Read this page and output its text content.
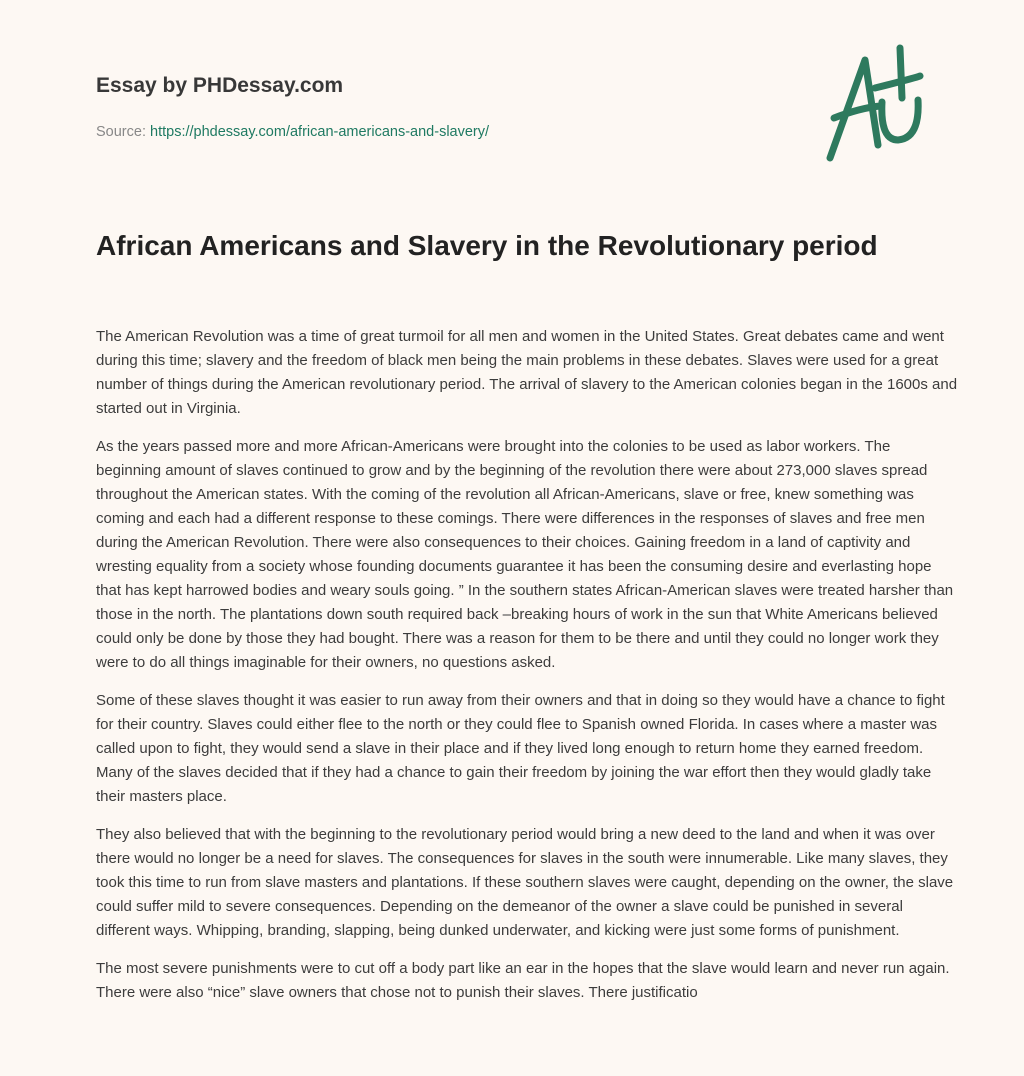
Essay by PHDessay.com

Source: https://phdessay.com/african-americans-and-slavery/
African Americans and Slavery in the Revolutionary period

The American Revolution was a time of great turmoil for all men and women in the United States. Great debates came and went during this time; slavery and the freedom of black men being the main problems in these debates. Slaves were used for a great number of things during the American revolutionary period. The arrival of slavery to the American colonies began in the 1600s and started out in Virginia.

As the years passed more and more African-Americans were brought into the colonies to be used as labor workers. The beginning amount of slaves continued to grow and by the beginning of the revolution there were about 273,000 slaves spread throughout the American states. With the coming of the revolution all African-Americans, slave or free, knew something was coming and each had a different response to these comings. There were differences in the responses of slaves and free men during the American Revolution. There were also consequences to their choices. Gaining freedom in a land of captivity and wresting equality from a society whose founding documents guarantee it has been the consuming desire and everlasting hope that has kept harrowed bodies and weary souls going. ” In the southern states African-American slaves were treated harsher than those in the north. The plantations down south required back –breaking hours of work in the sun that White Americans believed could only be done by those they had bought. There was a reason for them to be there and until they could no longer work they were to do all things imaginable for their owners, no questions asked.

Some of these slaves thought it was easier to run away from their owners and that in doing so they would have a chance to fight for their country. Slaves could either flee to the north or they could flee to Spanish owned Florida. In cases where a master was called upon to fight, they would send a slave in their place and if they lived long enough to return home they earned freedom. Many of the slaves decided that if they had a chance to gain their freedom by joining the war effort then they would gladly take their masters place.

They also believed that with the beginning to the revolutionary period would bring a new deed to the land and when it was over there would no longer be a need for slaves. The consequences for slaves in the south were innumerable. Like many slaves, they took this time to run from slave masters and plantations. If these southern slaves were caught, depending on the owner, the slave could suffer mild to severe consequences. Depending on the demeanor of the owner a slave could be punished in several different ways. Whipping, branding, slapping, being dunked underwater, and kicking were just some forms of punishment.

The most severe punishments were to cut off a body part like an ear in the hopes that the slave would learn and never run again. There were also “nice” slave owners that chose not to punish their slaves. There justificatio
